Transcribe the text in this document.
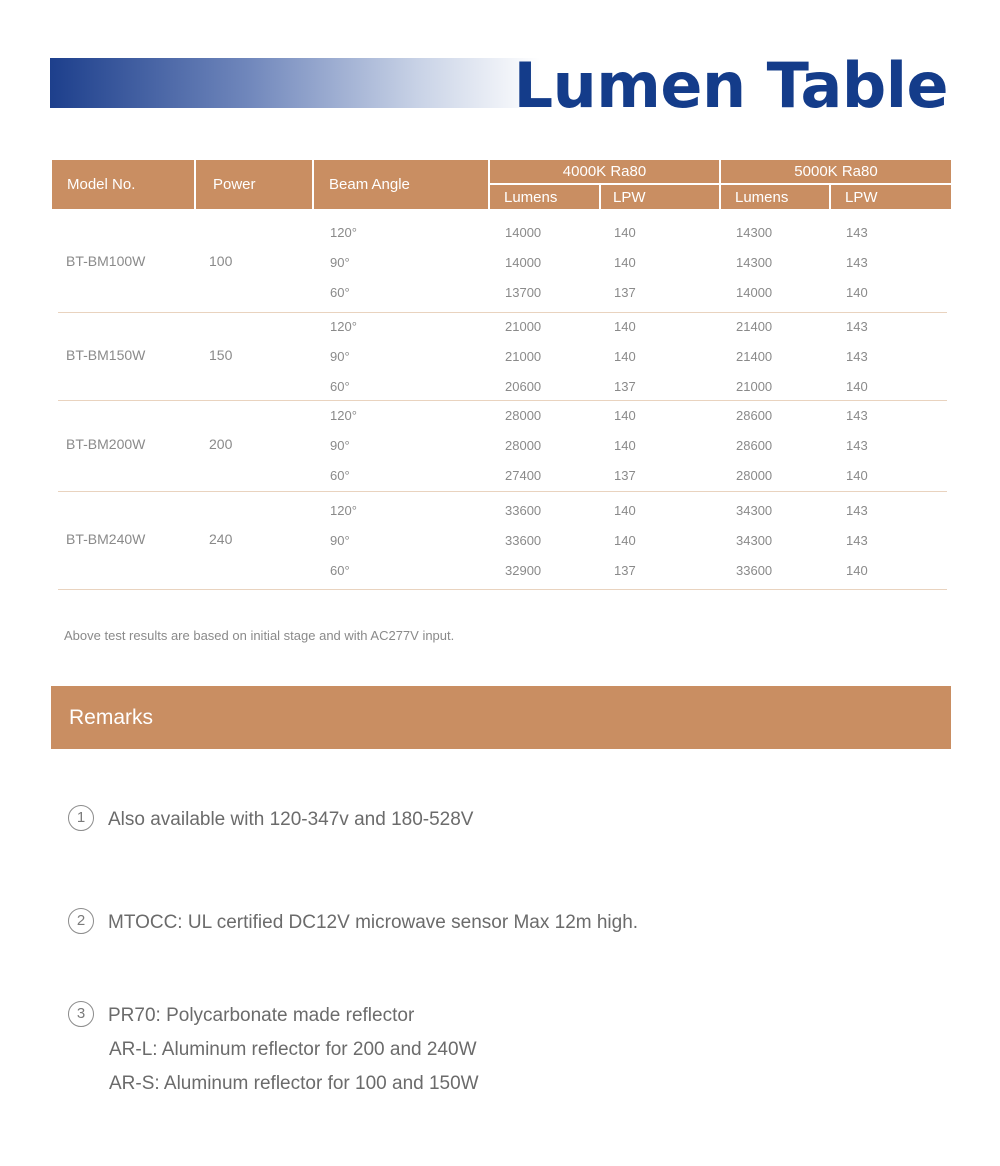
Lumen Table
Model No.	Power	Beam Angle
4000K Ra80	5000K Ra80
Lumens	LPW	Lumens	LPW
BT-BM100W	100
120°	14000	140	14300	143
90°	14000	140	14300	143
60°	13700	137	14000	140
BT-BM150W	150
120°	21000	140	21400	143
90°	21000	140	21400	143
60°	20600	137	21000	140
BT-BM200W	200
120°	28000	140	28600	143
90°	28000	140	28600	143
60°	27400	137	28000	140
BT-BM240W	240
120°	33600	140	34300	143
90°	33600	140	34300	143
60°	32900	137	33600	140
Above test results are based on initial stage and with AC277V input.
Remarks
1 Also available with 120-347v and 180-528V
2 MTOCC: UL certified DC12V microwave sensor Max 12m high.
3 PR70: Polycarbonate made reflector
AR-L: Aluminum reflector for 200 and 240W
AR-S: Aluminum reflector for 100 and 150W
